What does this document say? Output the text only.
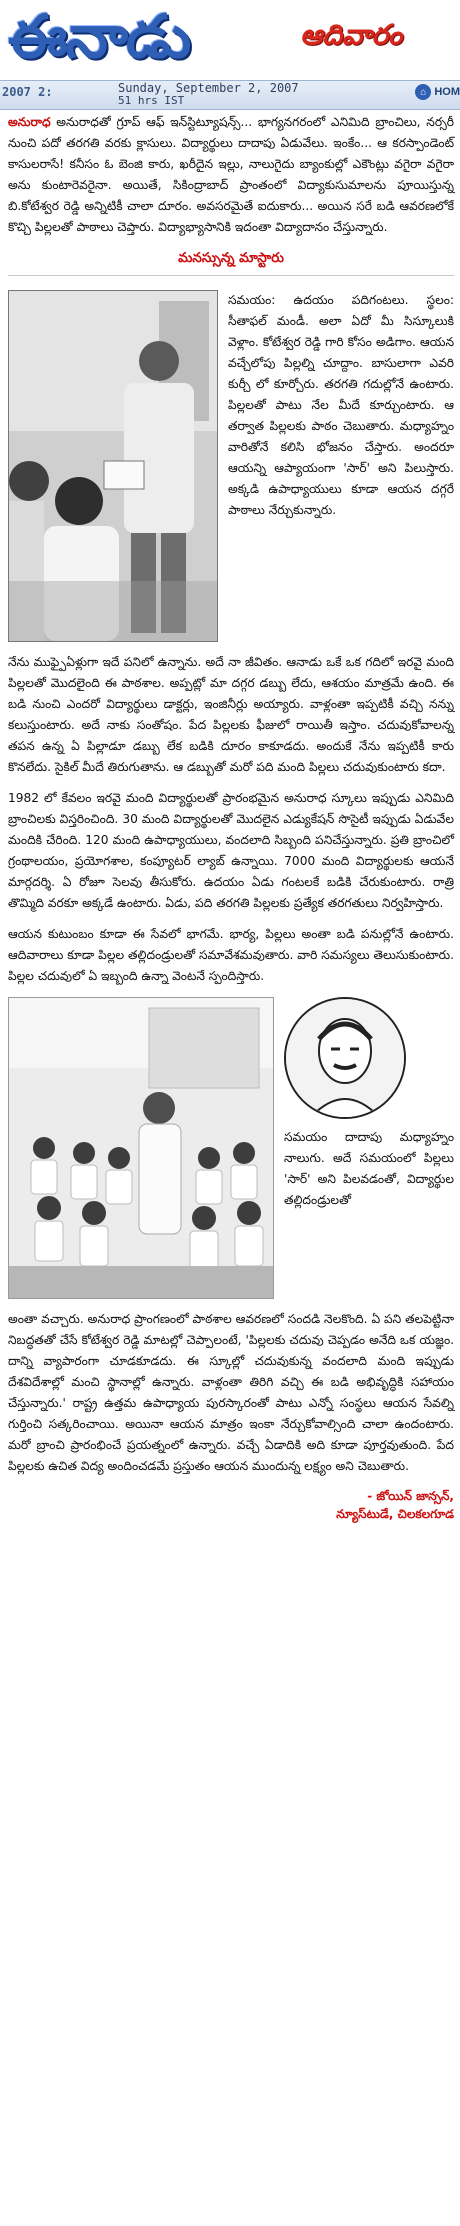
ఈనాడు	ఆదివారం
2007 2:	Sunday, September 2, 2007
51 hrs IST
⌂ HOM

అనురాధ అనురాధతో గ్రూప్ ఆఫ్ ఇన్‌స్టిట్యూషన్స్... భాగ్యనగరంలో ఎనిమిది బ్రాంచిలు, నర్సరీ నుంచి పదో తరగతి వరకు క్లాసులు. విద్యార్థులు దాదాపు ఏడువేలు. ఇంకేం... ఆ కరస్పాండెంట్ కాసులరాసే! కనీసం ఓ బెంజి కారు, ఖరీదైన ఇల్లు, నాలుగైదు బ్యాంకుల్లో ఎకౌంట్లు వగైరా వగైరా అను కుంటారెవరైనా. అయితే, సికింద్రాబాద్ ప్రాంతంలో విద్యాకుసుమాలను పూయిస్తున్న బి.కోటేశ్వర రెడ్డి అన్నిటికీ చాలా దూరం. అవసరమైతే ఐదుకారు... అయిన సరే బడి ఆవరణలోకే కొచ్చి పిల్లలతో పాఠాలు చెప్తారు. విద్యాభ్యాసానికి ఇదంతా విద్యాదానం చేస్తున్నారు.

మనస్సున్న మాస్టారు
సమయం: ఉదయం పదిగంటలు. స్థలం: సీతాఫల్ మండీ. అలా ఏదో మీ సిస్కూలుకి వెళ్లాం. కోటేశ్వర రెడ్డి గారి కోసం అడిగాం. ఆయన వచ్చేలోపు పిల్లల్ని చూద్దాం. బాసులాగా ఎవరి కుర్చీ లో కూర్చోరు. తరగతి గదుల్లోనే ఉంటారు. పిల్లలతో పాటు నేల మీదే కూర్చుంటారు. ఆ తర్వాత పిల్లలకు పాఠం చెబుతారు. మధ్యాహ్నం వారితోనే కలిసి భోజనం చేస్తారు. అందరూ ఆయన్ని ఆప్యాయంగా 'సార్' అని పిలుస్తారు. అక్కడి ఉపాధ్యాయులు కూడా ఆయన దగ్గరే పాఠాలు నేర్చుకున్నారు.

నేను ముఫ్పైఏళ్లుగా ఇదే పనిలో ఉన్నాను. అదే నా జీవితం. ఆనాడు ఒకే ఒక గదిలో ఇరవై మంది పిల్లలతో మొదలైంది ఈ పాఠశాల. అప్పట్లో మా దగ్గర డబ్బు లేదు, ఆశయం మాత్రమే ఉంది. ఈ బడి నుంచి ఎందరో విద్యార్థులు డాక్టర్లు, ఇంజినీర్లు అయ్యారు. వాళ్లంతా ఇప్పటికీ వచ్చి నన్ను కలుస్తుంటారు. అదే నాకు సంతోషం. పేద పిల్లలకు ఫీజులో రాయితీ ఇస్తాం. చదువుకోవాలన్న తపన ఉన్న ఏ పిల్లాడూ డబ్బు లేక బడికి దూరం కాకూడదు. అందుకే నేను ఇప్పటికీ కారు కొనలేదు. సైకిల్ మీదే తిరుగుతాను. ఆ డబ్బుతో మరో పది మంది పిల్లలు చదువుకుంటారు కదా.

1982 లో కేవలం ఇరవై మంది విద్యార్థులతో ప్రారంభమైన అనురాధ స్కూలు ఇప్పుడు ఎనిమిది బ్రాంచిలకు విస్తరించింది. 30 మంది విద్యార్థులతో మొదలైన ఎడ్యుకేషన్ సొసైటీ ఇప్పుడు ఏడువేల మందికి చేరింది. 120 మంది ఉపాధ్యాయులు, వందలాది సిబ్బంది పనిచేస్తున్నారు. ప్రతి బ్రాంచిలో గ్రంథాలయం, ప్రయోగశాల, కంప్యూటర్ ల్యాబ్ ఉన్నాయి. 7000 మంది విద్యార్థులకు ఆయనే మార్గదర్శి. ఏ రోజూ సెలవు తీసుకోరు. ఉదయం ఏడు గంటలకే బడికి చేరుకుంటారు. రాత్రి తొమ్మిది వరకూ అక్కడే ఉంటారు. ఏడు, పది తరగతి పిల్లలకు ప్రత్యేక తరగతులు నిర్వహిస్తారు.

ఆయన కుటుంబం కూడా ఈ సేవలో భాగమే. భార్య, పిల్లలు అంతా బడి పనుల్లోనే ఉంటారు. ఆదివారాలు కూడా పిల్లల తల్లిదండ్రులతో సమావేశమవుతారు. వారి సమస్యలు తెలుసుకుంటారు. పిల్లల చదువులో ఏ ఇబ్బంది ఉన్నా వెంటనే స్పందిస్తారు.

సమయం దాదాపు మధ్యాహ్నం నాలుగు. అదే సమయంలో పిల్లలు 'సార్' అని పిలవడంతో, విద్యార్థుల తల్లిదండ్రులతో

అంతా వచ్చారు. అనురాధ ప్రాంగణంలో పాఠశాల ఆవరణలో సందడి నెలకొంది. ఏ పని తలపెట్టినా నిబద్ధతతో చేసే కోటేశ్వర రెడ్డి మాటల్లో చెప్పాలంటే, 'పిల్లలకు చదువు చెప్పడం అనేది ఒక యజ్ఞం. దాన్ని వ్యాపారంగా చూడకూడదు. ఈ స్కూల్లో చదువుకున్న వందలాది మంది ఇప్పుడు దేశవిదేశాల్లో మంచి స్థానాల్లో ఉన్నారు. వాళ్లంతా తిరిగి వచ్చి ఈ బడి అభివృద్ధికి సహాయం చేస్తున్నారు.' రాష్ట్ర ఉత్తమ ఉపాధ్యాయ పురస్కారంతో పాటు ఎన్నో సంస్థలు ఆయన సేవల్ని గుర్తించి సత్కరించాయి. అయినా ఆయన మాత్రం ఇంకా నేర్చుకోవాల్సింది చాలా ఉందంటారు. మరో బ్రాంచి ప్రారంభించే ప్రయత్నంలో ఉన్నారు. వచ్చే ఏడాదికి అది కూడా పూర్తవుతుంది. పేద పిల్లలకు ఉచిత విద్య అందించడమే ప్రస్తుతం ఆయన ముందున్న లక్ష్యం అని చెబుతారు.

- జోయిన్ జాన్సన్,
న్యూస్‌టుడే, చిలకలగూడ
